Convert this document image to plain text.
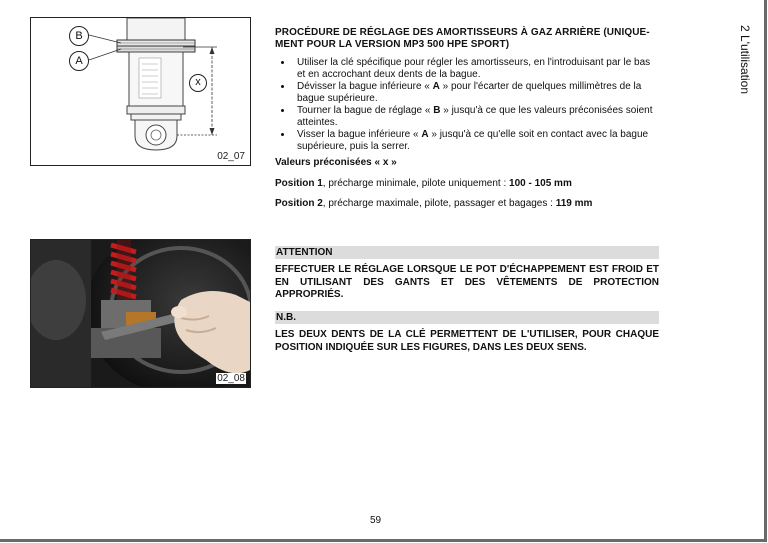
B
A
x
02_07
02_08
PROCÉDURE DE RÉGLAGE DES AMORTISSEURS À GAZ ARRIÈRE (UNIQUE-
MENT POUR LA VERSION MP3 500 HPE SPORT)
• Utiliser la clé spécifique pour régler les amortisseurs, en l'introduisant par le bas et en accrochant deux dents de la bague.
• Dévisser la bague inférieure « A » pour l'écarter de quelques millimètres de la bague supérieure.
• Tourner la bague de réglage « B » jusqu'à ce que les valeurs préconisées soient atteintes.
• Visser la bague inférieure « A » jusqu'à ce qu'elle soit en contact avec la bague supérieure, puis la serrer.
Valeurs préconisées « x »
Position 1, précharge minimale, pilote uniquement : 100 - 105 mm
Position 2, précharge maximale, pilote, passager et bagages : 119 mm
ATTENTION
EFFECTUER LE RÉGLAGE LORSQUE LE POT D'ÉCHAPPEMENT EST FROID ET EN UTILISANT DES GANTS ET DES VÊTEMENTS DE PROTECTION APPROPRIÉS.
N.B.
LES DEUX DENTS DE LA CLÉ PERMETTENT DE L'UTILISER, POUR CHAQUE POSITION INDIQUÉE SUR LES FIGURES, DANS LES DEUX SENS.
2 L'utilisation
59
